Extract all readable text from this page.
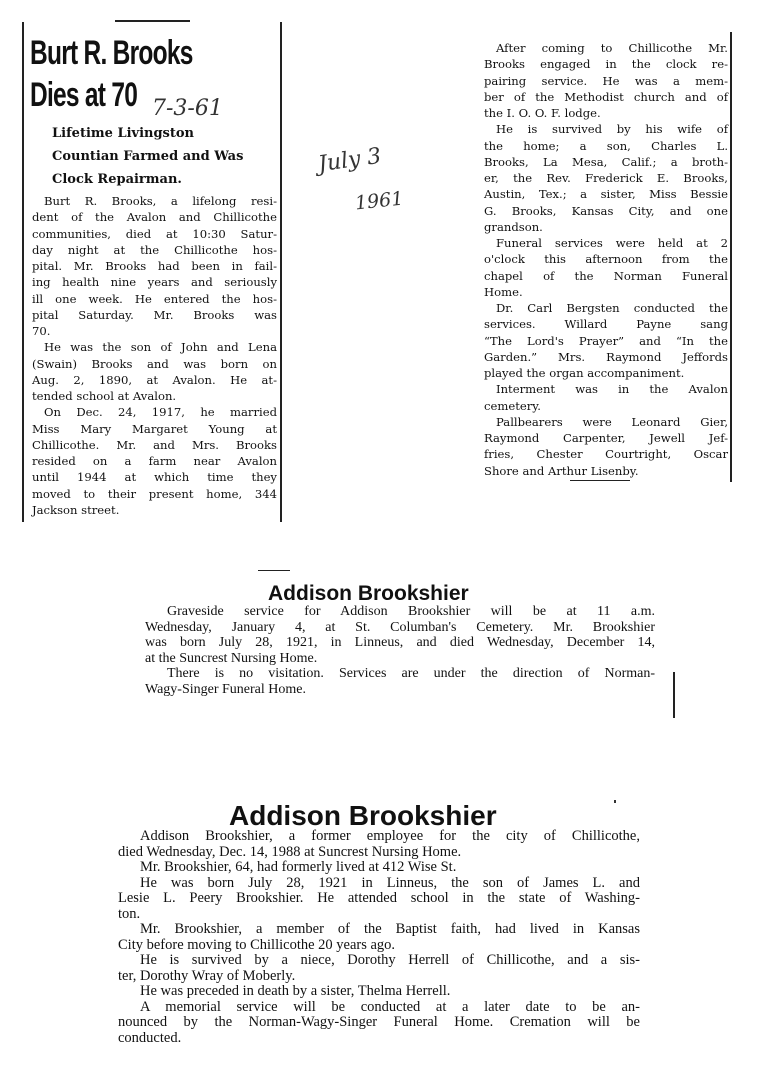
Burt R. Brooks
Dies at 70 7-3-61
July 3
1961
Lifetime Livingston
Countian Farmed and Was
Clock Repairman.
Burt R. Brooks, a lifelong resi-
dent of the Avalon and Chillicothe
communities, died at 10:30 Satur-
day night at the Chillicothe hos-
pital. Mr. Brooks had been in fail-
ing health nine years and seriously
ill one week. He entered the hos-
pital Saturday. Mr. Brooks was
70.
He was the son of John and Lena
(Swain) Brooks and was born on
Aug. 2, 1890, at Avalon. He at-
tended school at Avalon.
On Dec. 24, 1917, he married
Miss Mary Margaret Young at
Chillicothe. Mr. and Mrs. Brooks
resided on a farm near Avalon
until 1944 at which time they
moved to their present home, 344
Jackson street.
After coming to Chillicothe Mr.
Brooks engaged in the clock re-
pairing service. He was a mem-
ber of the Methodist church and of
the I. O. O. F. lodge.
He is survived by his wife of
the home; a son, Charles L.
Brooks, La Mesa, Calif.; a broth-
er, the Rev. Frederick E. Brooks,
Austin, Tex.; a sister, Miss Bessie
G. Brooks, Kansas City, and one
grandson.
Funeral services were held at 2
o'clock this afternoon from the
chapel of the Norman Funeral
Home.
Dr. Carl Bergsten conducted the
services. Willard Payne sang
“The Lord's Prayer” and “In the
Garden.” Mrs. Raymond Jeffords
played the organ accompaniment.
Interment was in the Avalon
cemetery.
Pallbearers were Leonard Gier,
Raymond Carpenter, Jewell Jef-
fries, Chester Courtright, Oscar
Shore and Arthur Lisenby.
Addison Brookshier
Graveside service for Addison Brookshier will be at 11 a.m.
Wednesday, January 4, at St. Columban's Cemetery. Mr. Brookshier
was born July 28, 1921, in Linneus, and died Wednesday, December 14,
at the Suncrest Nursing Home.
There is no visitation. Services are under the direction of Norman-
Wagy-Singer Funeral Home.
Addison Brookshier
Addison Brookshier, a former employee for the city of Chillicothe,
died Wednesday, Dec. 14, 1988 at Suncrest Nursing Home.
Mr. Brookshier, 64, had formerly lived at 412 Wise St.
He was born July 28, 1921 in Linneus, the son of James L. and
Lesie L. Peery Brookshier. He attended school in the state of Washing-
ton.
Mr. Brookshier, a member of the Baptist faith, had lived in Kansas
City before moving to Chillicothe 20 years ago.
He is survived by a niece, Dorothy Herrell of Chillicothe, and a sis-
ter, Dorothy Wray of Moberly.
He was preceded in death by a sister, Thelma Herrell.
A memorial service will be conducted at a later date to be an-
nounced by the Norman-Wagy-Singer Funeral Home. Cremation will be
conducted.
